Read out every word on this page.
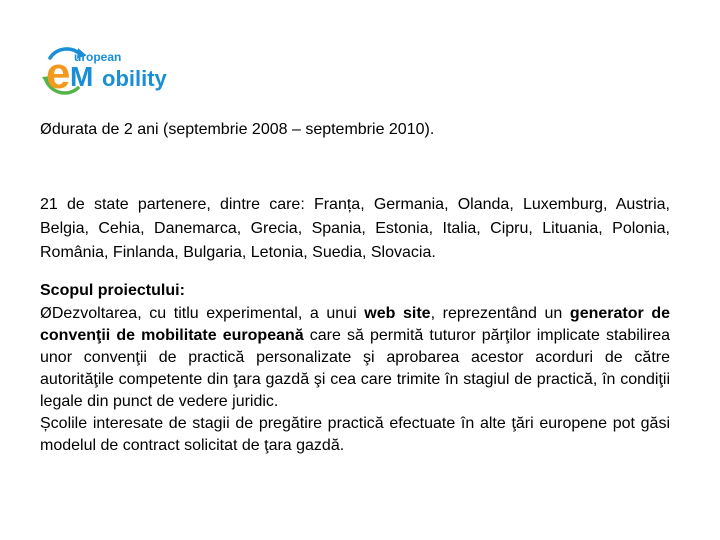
e uropean
M obility
Ødurata de 2 ani (septembrie 2008 – septembrie 2010).
21 de state partenere, dintre care: Franța, Germania, Olanda, Luxemburg, Austria, Belgia, Cehia, Danemarca, Grecia, Spania, Estonia, Italia, Cipru, Lituania, Polonia, România, Finlanda, Bulgaria, Letonia, Suedia, Slovacia.
Scopul proiectului:
ØDezvoltarea, cu titlu experimental, a unui web site, reprezentând un generator de convenţii de mobilitate europeană care să permită tuturor părţilor implicate stabilirea unor convenţii de practică personalizate şi aprobarea acestor acorduri de către autorităţile competente din ţara gazdă şi cea care trimite în stagiul de practică, în condiţii legale din punct de vedere juridic.
Școlile interesate de stagii de pregătire practică efectuate în alte ţări europene pot găsi modelul de contract solicitat de ţara gazdă.
